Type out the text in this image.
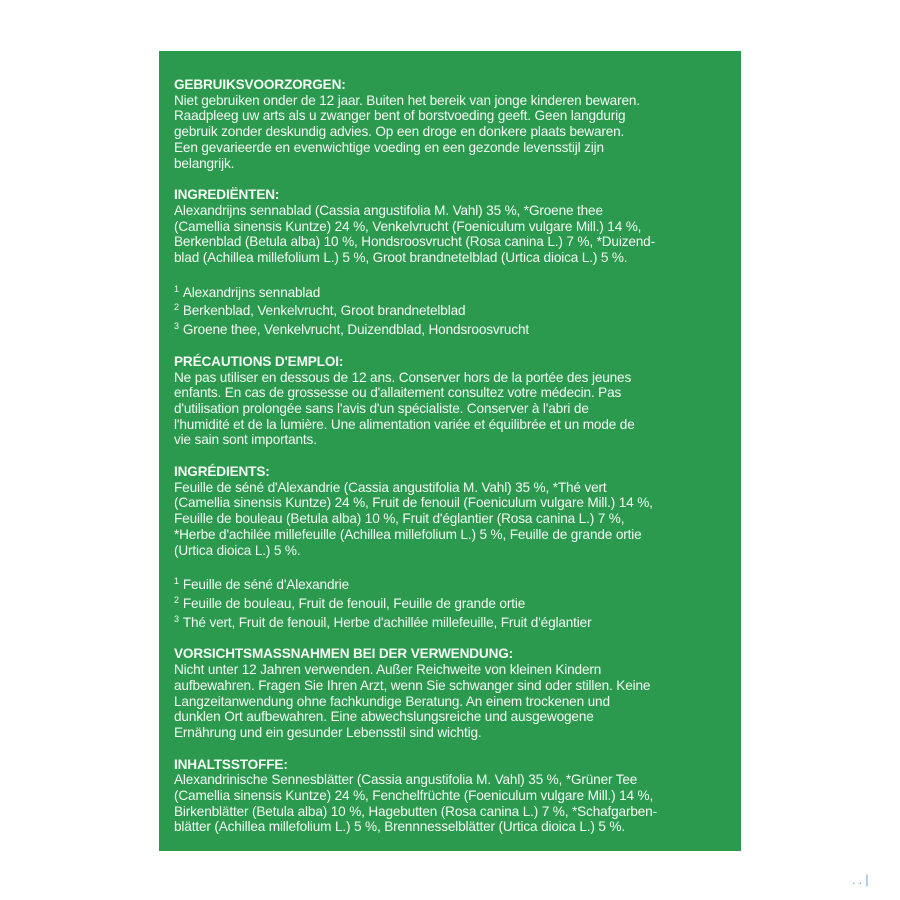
GEBRUIKSVOORZORGEN:
Niet gebruiken onder de 12 jaar. Buiten het bereik van jonge kinderen bewaren.
Raadpleeg uw arts als u zwanger bent of borstvoeding geeft. Geen langdurig
gebruik zonder deskundig advies. Op een droge en donkere plaats bewaren.
Een gevarieerde en evenwichtige voeding en een gezonde levensstijl zijn
belangrijk.
INGREDIËNTEN:
Alexandrijns sennablad (Cassia angustifolia M. Vahl) 35 %, *Groene thee
(Camellia sinensis Kuntze) 24 %, Venkelvrucht (Foeniculum vulgare Mill.) 14 %,
Berkenblad (Betula alba) 10 %, Hondsroosvrucht (Rosa canina L.) 7 %, *Duizend-
blad (Achillea millefolium L.) 5 %, Groot brandnetelblad (Urtica dioica L.) 5 %.
$^1$ Alexandrijns sennablad
$^2$ Berkenblad, Venkelvrucht, Groot brandnetelblad
$^3$ Groene thee, Venkelvrucht, Duizendblad, Hondsroosvrucht
PRÉCAUTIONS D'EMPLOI:
Ne pas utiliser en dessous de 12 ans. Conserver hors de la portée des jeunes
enfants. En cas de grossesse ou d'allaitement consultez votre médecin. Pas
d'utilisation prolongée sans l'avis d'un spécialiste. Conserver à l'abri de
l'humidité et de la lumière. Une alimentation variée et équilibrée et un mode de
vie sain sont importants.
INGRÉDIENTS:
Feuille de séné d'Alexandrie (Cassia angustifolia M. Vahl) 35 %, *Thé vert
(Camellia sinensis Kuntze) 24 %, Fruit de fenouil (Foeniculum vulgare Mill.) 14 %,
Feuille de bouleau (Betula alba) 10 %, Fruit d'églantier (Rosa canina L.) 7 %,
*Herbe d'achilée millefeuille (Achillea millefolium L.) 5 %, Feuille de grande ortie
(Urtica dioica L.) 5 %.
$^1$ Feuille de séné d'Alexandrie
$^2$ Feuille de bouleau, Fruit de fenouil, Feuille de grande ortie
$^3$ Thé vert, Fruit de fenouil, Herbe d'achillée millefeuille, Fruit d'églantier
VORSICHTSMASSNAHMEN BEI DER VERWENDUNG:
Nicht unter 12 Jahren verwenden. Außer Reichweite von kleinen Kindern
aufbewahren. Fragen Sie Ihren Arzt, wenn Sie schwanger sind oder stillen. Keine
Langzeitanwendung ohne fachkundige Beratung. An einem trockenen und
dunklen Ort aufbewahren. Eine abwechslungsreiche und ausgewogene
Ernährung und ein gesunder Lebensstil sind wichtig.
INHALTSSTOFFE:
Alexandrinische Sennesblätter (Cassia angustifolia M. Vahl) 35 %, *Grüner Tee
(Camellia sinensis Kuntze) 24 %, Fenchelfrüchte (Foeniculum vulgare Mill.) 14 %,
Birkenblätter (Betula alba) 10 %, Hagebutten (Rosa canina L.) 7 %, *Schafgarben-
blätter (Achillea millefolium L.) 5 %, Brennnesselblätter (Urtica dioica L.) 5 %.
..|
